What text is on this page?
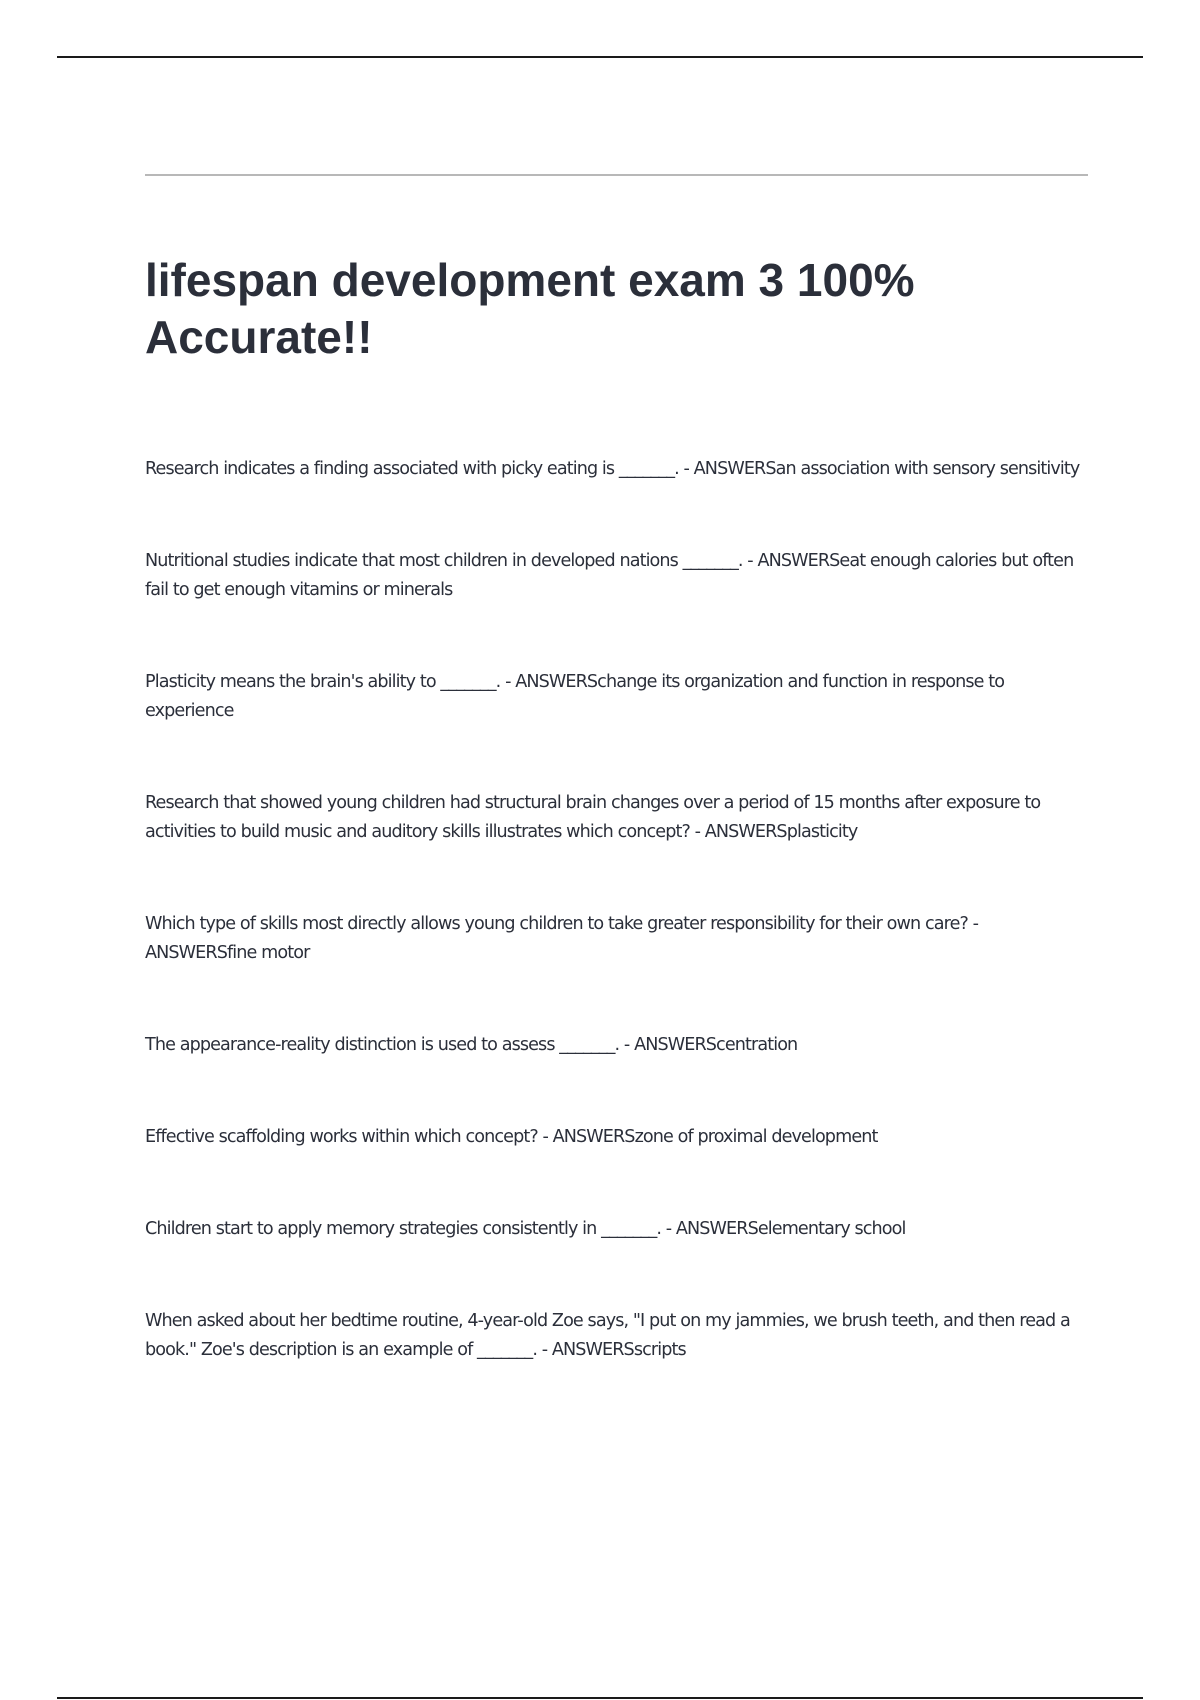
lifespan development exam 3 100% Accurate!!
Research indicates a finding associated with picky eating is _______. - ANSWERSan association with sensory sensitivity
Nutritional studies indicate that most children in developed nations _______. - ANSWERSeat enough calories but often fail to get enough vitamins or minerals
Plasticity means the brain's ability to _______. - ANSWERSchange its organization and function in response to experience
Research that showed young children had structural brain changes over a period of 15 months after exposure to activities to build music and auditory skills illustrates which concept? - ANSWERSplasticity
Which type of skills most directly allows young children to take greater responsibility for their own care? - ANSWERSfine motor
The appearance-reality distinction is used to assess _______. - ANSWERScentration
Effective scaffolding works within which concept? - ANSWERSzone of proximal development
Children start to apply memory strategies consistently in _______. - ANSWERSelementary school
When asked about her bedtime routine, 4-year-old Zoe says, "I put on my jammies, we brush teeth, and then read a book." Zoe's description is an example of _______. - ANSWERSscripts
